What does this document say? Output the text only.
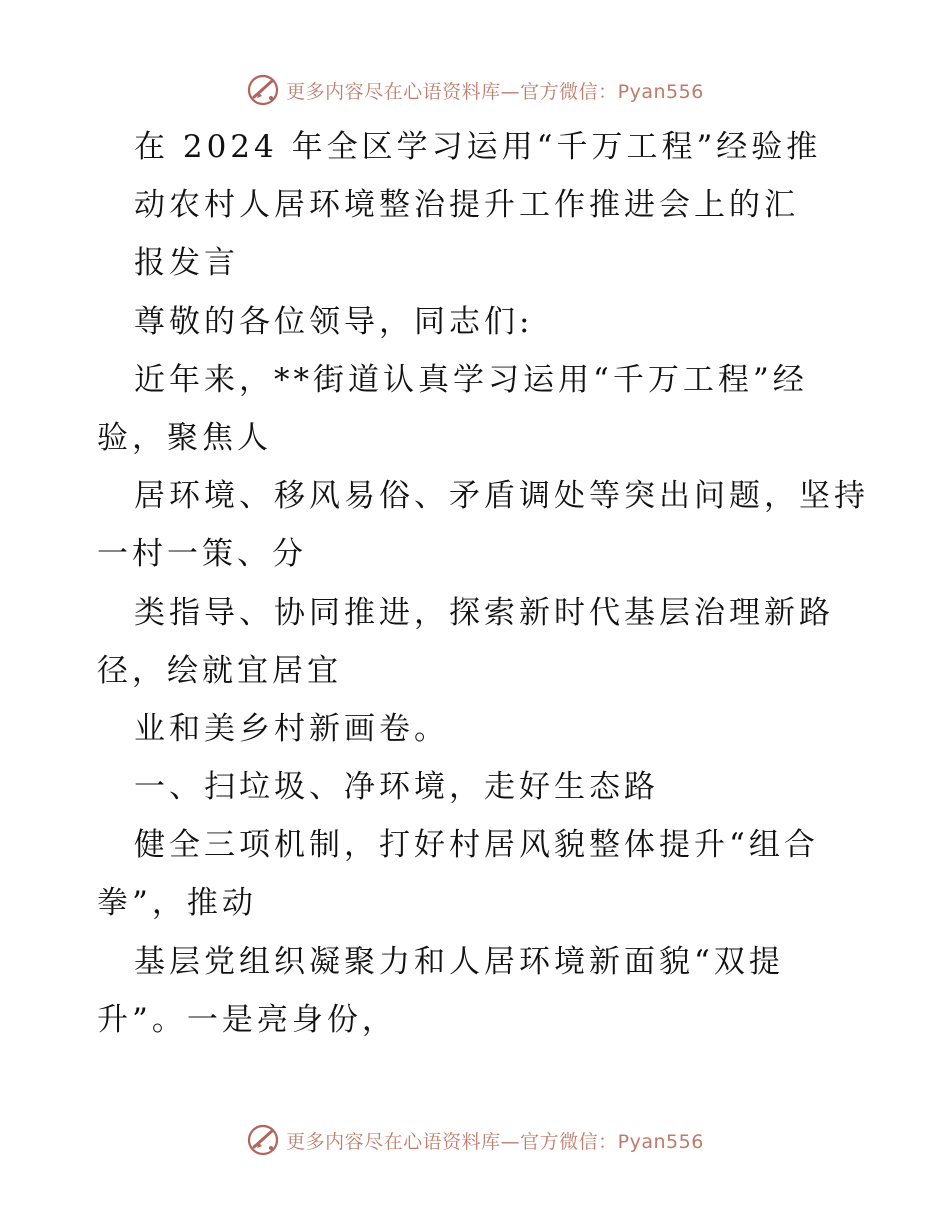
更多内容尽在心语资料库—官方微信：Pyan556
在 2024 年全区学习运用“千万工程”经验推
动农村人居环境整治提升工作推进会上的汇
报发言
尊敬的各位领导，同志们:
近年来，**街道认真学习运用“千万工程”经
验，聚焦人
居环境、移风易俗、矛盾调处等突出问题，坚持
一村一策、分
类指导、协同推进，探索新时代基层治理新路
径，绘就宜居宜
业和美乡村新画卷。
一、扫垃圾、净环境，走好生态路
健全三项机制，打好村居风貌整体提升“组合
拳”，推动
基层党组织凝聚力和人居环境新面貌“双提
升”。一是亮身份，
更多内容尽在心语资料库—官方微信：Pyan556
